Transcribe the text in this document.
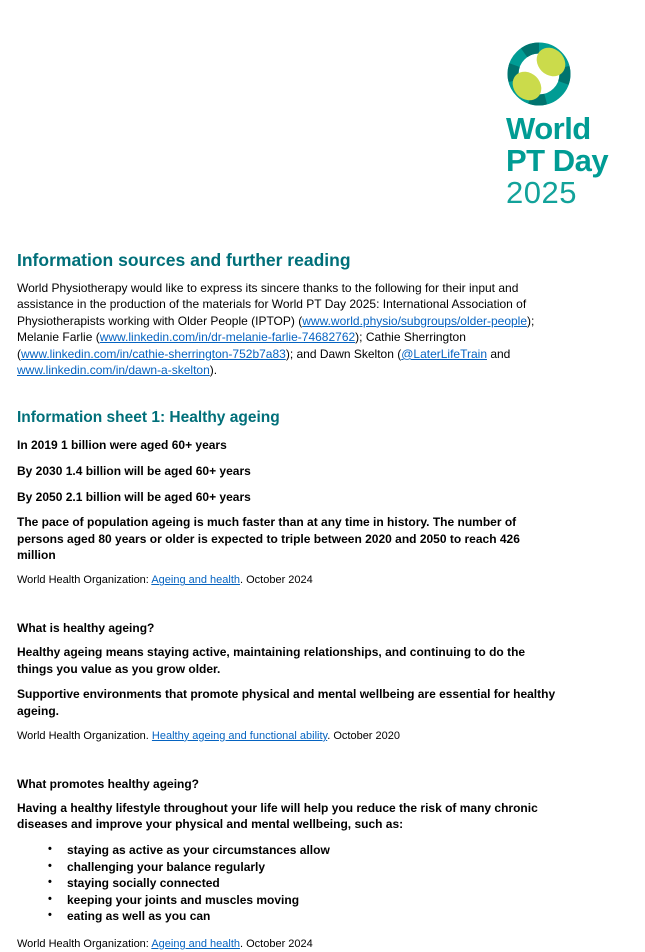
World
PT Day
2025
Information sources and further reading

World Physiotherapy would like to express its sincere thanks to the following for their input and assistance in the production of the materials for World PT Day 2025: International Association of Physiotherapists working with Older People (IPTOP) (www.world.physio/subgroups/older-people); Melanie Farlie (www.linkedin.com/in/dr-melanie-farlie-74682762); Cathie Sherrington (www.linkedin.com/in/cathie-sherrington-752b7a83); and Dawn Skelton (@LaterLifeTrain and www.linkedin.com/in/dawn-a-skelton).

Information sheet 1: Healthy ageing

In 2019 1 billion were aged 60+ years

By 2030 1.4 billion will be aged 60+ years

By 2050 2.1 billion will be aged 60+ years

The pace of population ageing is much faster than at any time in history. The number of persons aged 80 years or older is expected to triple between 2020 and 2050 to reach 426 million

World Health Organization: Ageing and health. October 2024

What is healthy ageing?

Healthy ageing means staying active, maintaining relationships, and continuing to do the things you value as you grow older.

Supportive environments that promote physical and mental wellbeing are essential for healthy ageing.

World Health Organization. Healthy ageing and functional ability. October 2020

What promotes healthy ageing?

Having a healthy lifestyle throughout your life will help you reduce the risk of many chronic diseases and improve your physical and mental wellbeing, such as:

• staying as active as your circumstances allow
• challenging your balance regularly
• staying socially connected
• keeping your joints and muscles moving
• eating as well as you can

World Health Organization: Ageing and health. October 2024
